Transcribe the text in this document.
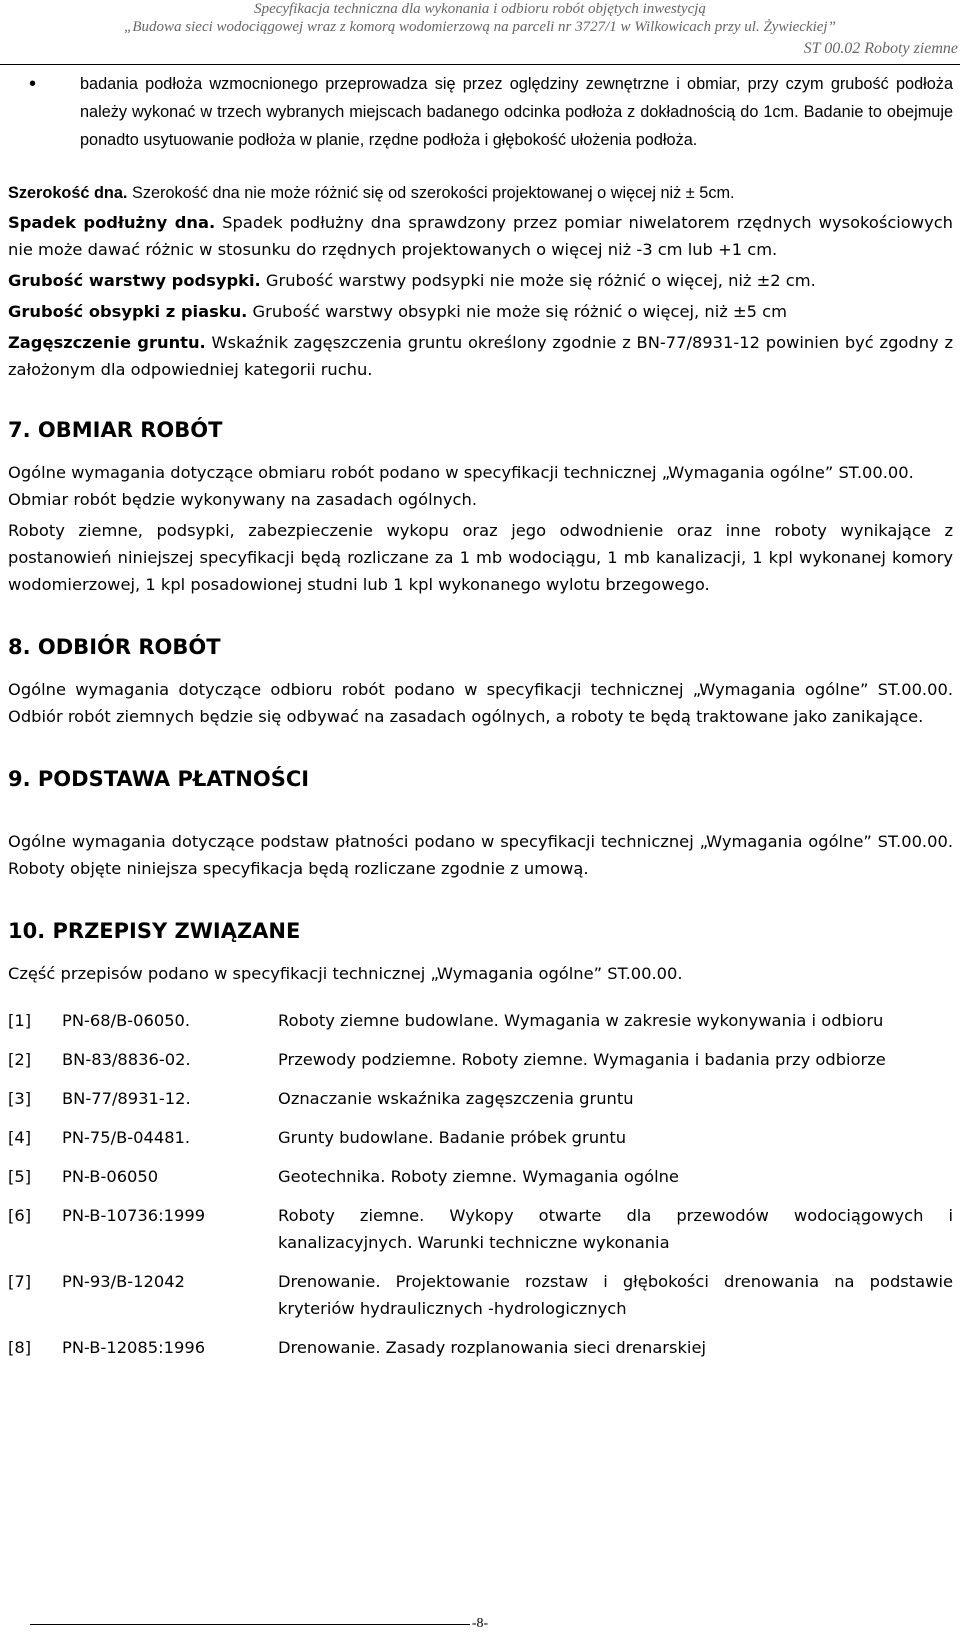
Specyfikacja techniczna dla wykonania i odbioru robót objętych inwestycją
„Budowa sieci wodociągowej wraz z komorą wodomierzową na parceli nr 3727/1 w Wilkowicach przy ul. Żywieckiej”
ST 00.02 Roboty ziemne
•	badania podłoża wzmocnionego przeprowadza się przez oględziny zewnętrzne i obmiar, przy czym grubość podłoża należy wykonać w trzech wybranych miejscach badanego odcinka podłoża z dokładnością do 1cm. Badanie to obejmuje ponadto usytuowanie podłoża w planie, rzędne podłoża i głębokość ułożenia podłoża.

Szerokość dna. Szerokość dna nie może różnić się od szerokości projektowanej o więcej niż ± 5cm.

Spadek podłużny dna. Spadek podłużny dna sprawdzony przez pomiar niwelatorem rzędnych wysokościowych nie może dawać różnic w stosunku do rzędnych projektowanych o więcej niż -3 cm lub +1 cm.

Grubość warstwy podsypki. Grubość warstwy podsypki nie może się różnić o więcej, niż ±2 cm.

Grubość obsypki z piasku. Grubość warstwy obsypki nie może się różnić o więcej, niż ±5 cm

Zagęszczenie gruntu. Wskaźnik zagęszczenia gruntu określony zgodnie z BN-77/8931-12 powinien być zgodny z założonym dla odpowiedniej kategorii ruchu.

7. OBMIAR ROBÓT

Ogólne wymagania dotyczące obmiaru robót podano w specyfikacji technicznej „Wymagania ogólne” ST.00.00.

Obmiar robót będzie wykonywany na zasadach ogólnych.

Roboty ziemne, podsypki, zabezpieczenie wykopu oraz jego odwodnienie oraz inne roboty wynikające z postanowień niniejszej specyfikacji będą rozliczane za 1 mb wodociągu, 1 mb kanalizacji, 1 kpl wykonanej komory wodomierzowej, 1 kpl posadowionej studni lub 1 kpl wykonanego wylotu brzegowego.

8. ODBIÓR ROBÓT

Ogólne wymagania dotyczące odbioru robót podano w specyfikacji technicznej „Wymagania ogólne” ST.00.00. Odbiór robót ziemnych będzie się odbywać na zasadach ogólnych, a roboty te będą traktowane jako zanikające.

9. PODSTAWA PŁATNOŚCI

Ogólne wymagania dotyczące podstaw płatności podano w specyfikacji technicznej „Wymagania ogólne” ST.00.00. Roboty objęte niniejsza specyfikacja będą rozliczane zgodnie z umową.

10. PRZEPISY ZWIĄZANE

Część przepisów podano w specyfikacji technicznej „Wymagania ogólne” ST.00.00.

[1]	PN-68/B-06050.	Roboty ziemne budowlane. Wymagania w zakresie wykonywania i odbioru
[2]	BN-83/8836-02.	Przewody podziemne. Roboty ziemne. Wymagania i badania przy odbiorze
[3]	BN-77/8931-12.	Oznaczanie wskaźnika zagęszczenia gruntu
[4]	PN-75/B-04481.	Grunty budowlane. Badanie próbek gruntu
[5]	PN-B-06050	Geotechnika. Roboty ziemne. Wymagania ogólne
[6]	PN-B-10736:1999	Roboty ziemne. Wykopy otwarte dla przewodów wodociągowych i kanalizacyjnych. Warunki techniczne wykonania
[7]	PN-93/B-12042	Drenowanie. Projektowanie rozstaw i głębokości drenowania na podstawie kryteriów hydraulicznych -hydrologicznych
[8]	PN-B-12085:1996	Drenowanie. Zasady rozplanowania sieci drenarskiej
-8-
